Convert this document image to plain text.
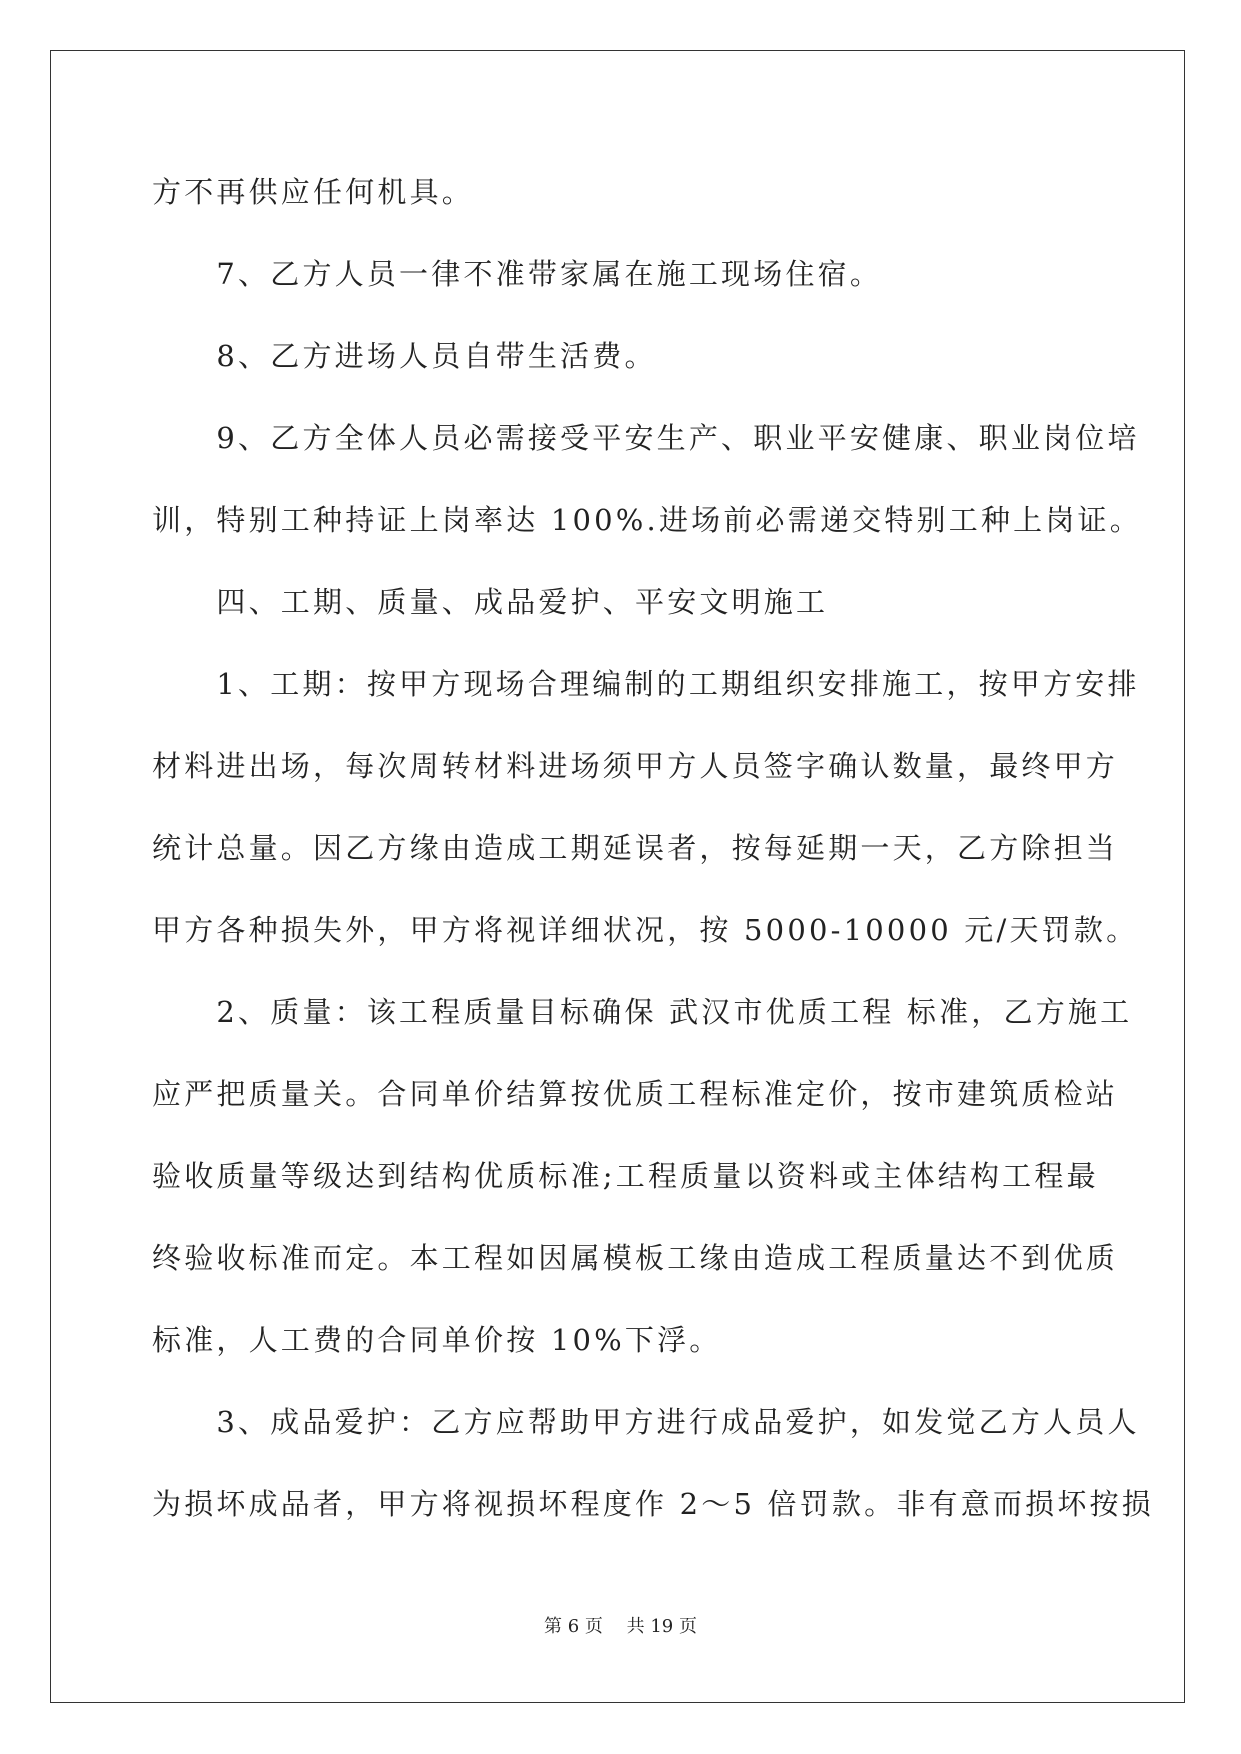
方不再供应任何机具。
　　7、乙方人员一律不准带家属在施工现场住宿。
　　8、乙方进场人员自带生活费。
　　9、乙方全体人员必需接受平安生产、职业平安健康、职业岗位培
训，特别工种持证上岗率达 100%.进场前必需递交特别工种上岗证。
　　四、工期、质量、成品爱护、平安文明施工
　　1、工期：按甲方现场合理编制的工期组织安排施工，按甲方安排
材料进出场，每次周转材料进场须甲方人员签字确认数量，最终甲方
统计总量。因乙方缘由造成工期延误者，按每延期一天，乙方除担当
甲方各种损失外，甲方将视详细状况，按 5000-10000 元/天罚款。
　　2、质量：该工程质量目标确保 武汉市优质工程 标准，乙方施工
应严把质量关。合同单价结算按优质工程标准定价，按市建筑质检站
验收质量等级达到结构优质标准;工程质量以资料或主体结构工程最
终验收标准而定。本工程如因属模板工缘由造成工程质量达不到优质
标准，人工费的合同单价按 10%下浮。
　　3、成品爱护：乙方应帮助甲方进行成品爱护，如发觉乙方人员人
为损坏成品者，甲方将视损坏程度作 2～5 倍罚款。非有意而损坏按损
第 6 页　 共 19 页
